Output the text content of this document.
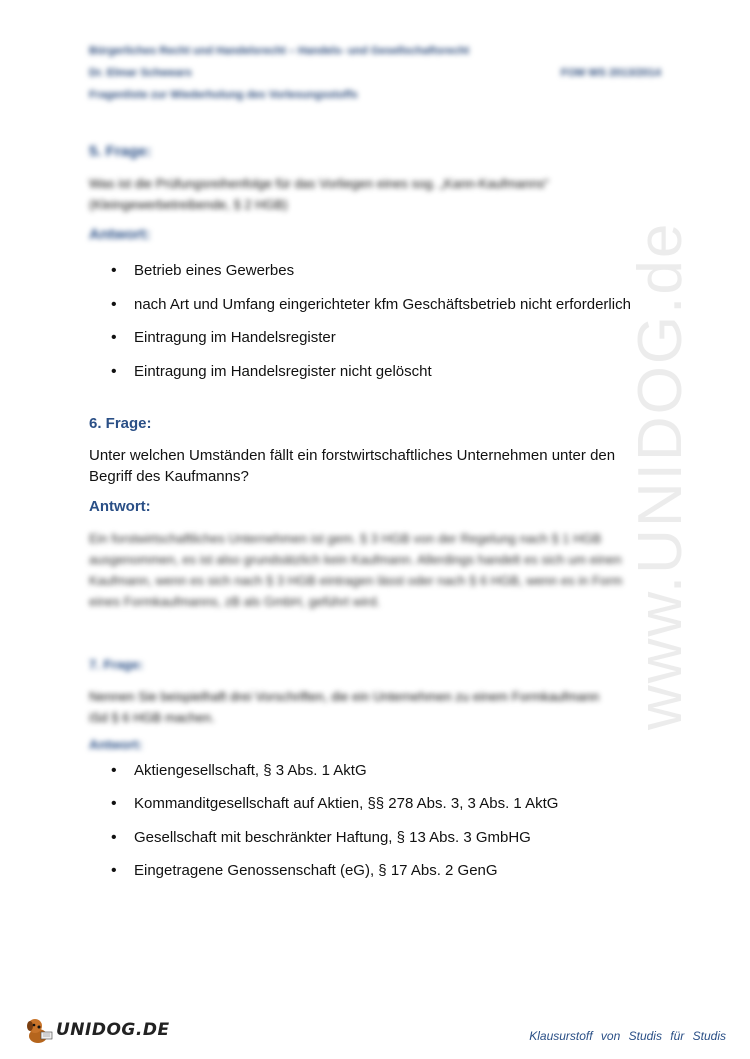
Bürgerliches Recht und Handelsrecht – Handels- und Gesellschaftsrecht
Dr. Elmar Schwears	FOM WS 2013/2014
Fragenliste zur Wiederholung des Vorlesungsstoffs
www.UNIDOG.de
5. Frage:
Was ist die Prüfungsreihenfolge für das Vorliegen eines sog. „Kann-Kaufmanns“ (Kleingewerbetreibende, § 2 HGB)
Antwort:
• Betrieb eines Gewerbes
• nach Art und Umfang eingerichteter kfm Geschäftsbetrieb nicht erforderlich
• Eintragung im Handelsregister
• Eintragung im Handelsregister nicht gelöscht
6. Frage:
Unter welchen Umständen fällt ein forstwirtschaftliches Unternehmen unter den Begriff des Kaufmanns?
Antwort:
Ein forstwirtschaftliches Unternehmen ist gem. § 3 HGB von der Regelung nach § 1 HGB ausgenommen, es ist also grundsätzlich kein Kaufmann. Allerdings handelt es sich um einen Kaufmann, wenn es sich nach § 3 HGB eintragen lässt oder nach § 6 HGB, wenn es in Form eines Formkaufmanns, zB als GmbH, geführt wird.
7. Frage:
Nennen Sie beispielhaft drei Vorschriften, die ein Unternehmen zu einem Formkaufmann iSd § 6 HGB machen.
Antwort:
• Aktiengesellschaft, § 3 Abs. 1 AktG
• Kommanditgesellschaft auf Aktien, §§ 278 Abs. 3, 3 Abs. 1 AktG
• Gesellschaft mit beschränkter Haftung, § 13 Abs. 3 GmbHG
• Eingetragene Genossenschaft (eG), § 17 Abs. 2 GenG
UNIDOG.DE	Klausurstoff von Studis für Studis
